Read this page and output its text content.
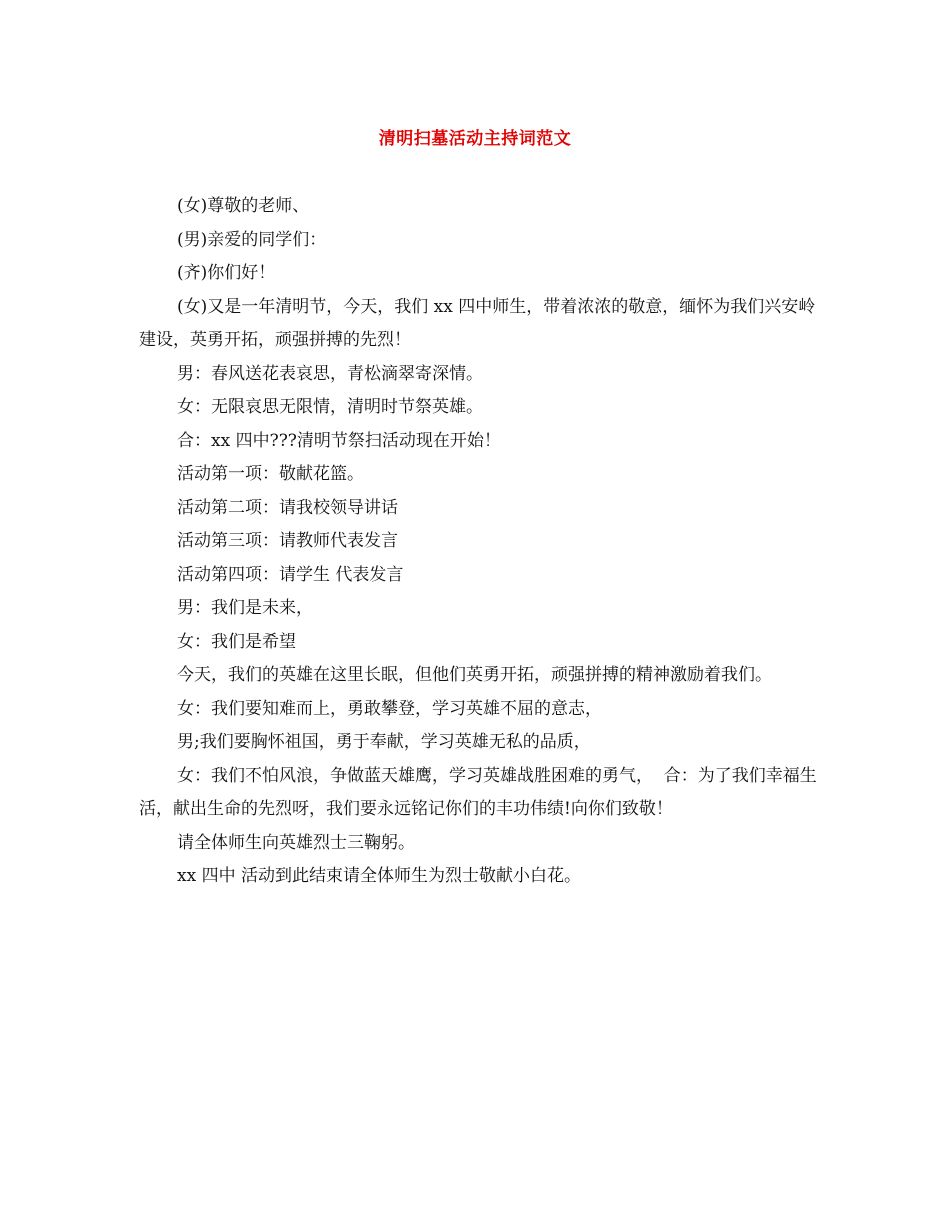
清明扫墓活动主持词范文

(女)尊敬的老师、

(男)亲爱的同学们：

(齐)你们好！

(女)又是一年清明节，今天，我们 xx 四中师生，带着浓浓的敬意，缅怀为我们兴安岭建设，英勇开拓，顽强拼搏的先烈！

男：春风送花表哀思，青松滴翠寄深情。

女：无限哀思无限情，清明时节祭英雄。

合：xx 四中???清明节祭扫活动现在开始！

活动第一项：敬献花篮。

活动第二项：请我校领导讲话

活动第三项：请教师代表发言

活动第四项：请学生 代表发言

男：我们是未来，

女：我们是希望

今天，我们的英雄在这里长眠，但他们英勇开拓，顽强拼搏的精神激励着我们。

女：我们要知难而上，勇敢攀登，学习英雄不屈的意志，

男;我们要胸怀祖国，勇于奉献，学习英雄无私的品质，

女：我们不怕风浪，争做蓝天雄鹰，学习英雄战胜困难的勇气，  合：为了我们幸福生活，献出生命的先烈呀，我们要永远铭记你们的丰功伟绩!向你们致敬！

请全体师生向英雄烈士三鞠躬。

xx 四中 活动到此结束请全体师生为烈士敬献小白花。
